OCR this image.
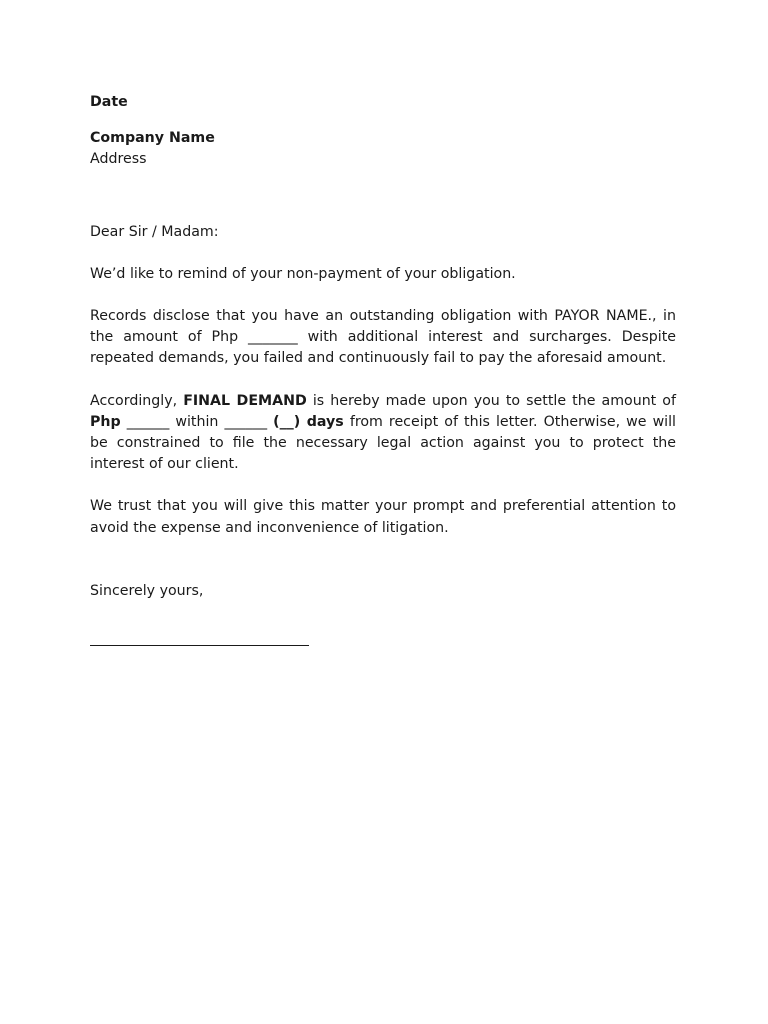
Date
Company Name
Address
Dear Sir / Madam:

We’d like to remind of your non-payment of your obligation.

Records disclose that you have an outstanding obligation with PAYOR NAME., in the amount of Php _______ with additional interest and surcharges. Despite repeated demands, you failed and continuously fail to pay the aforesaid amount.

Accordingly, FINAL DEMAND is hereby made upon you to settle the amount of Php ______ within ______ (__) days from receipt of this letter. Otherwise, we will be constrained to file the necessary legal action against you to protect the interest of our client.

We trust that you will give this matter your prompt and preferential attention to avoid the expense and inconvenience of litigation.

Sincerely yours,
